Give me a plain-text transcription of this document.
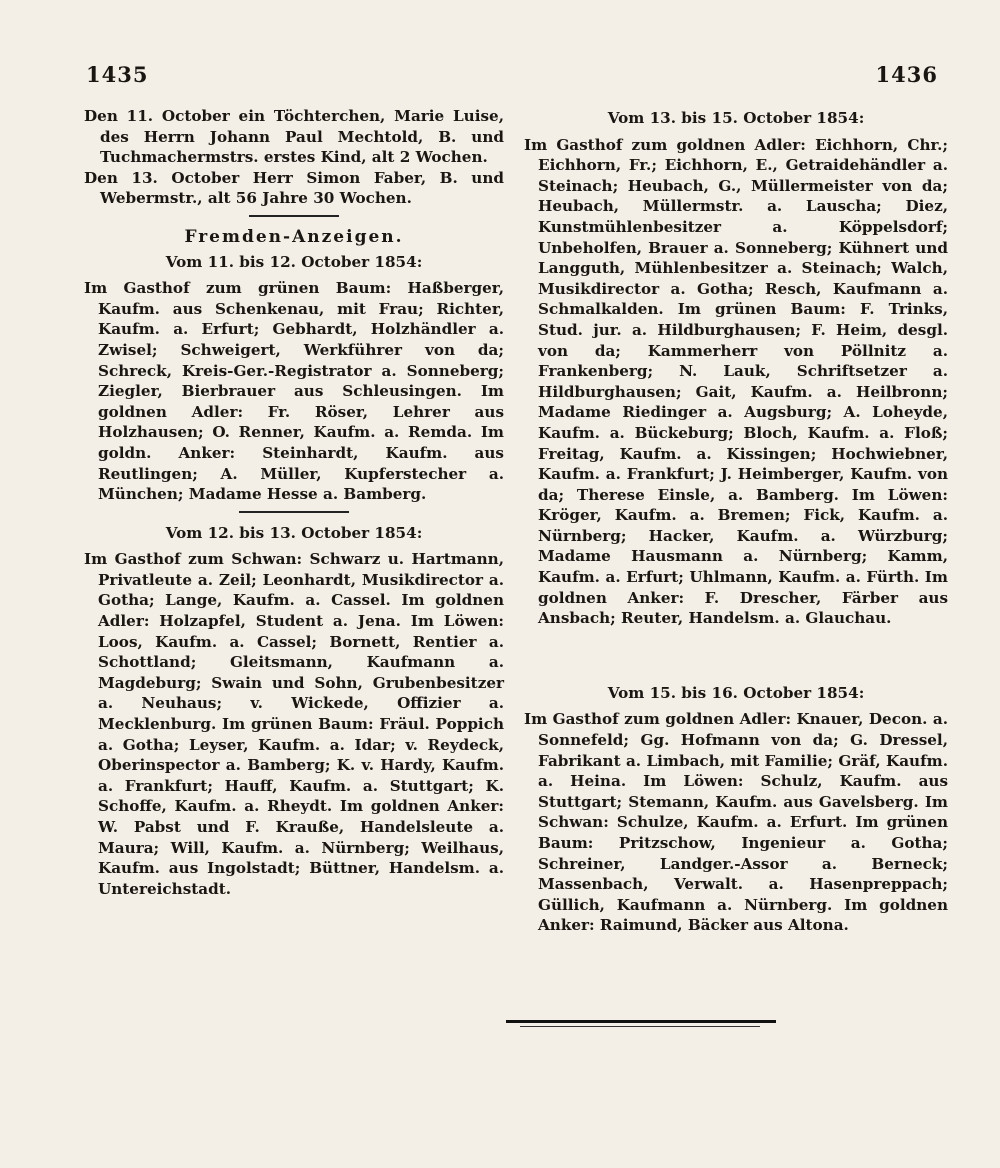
1435	1436

Den 11. October ein Töchterchen, Marie Luise, des Herrn Johann Paul Mechtold, B. und Tuchmachermstrs. erstes Kind, alt 2 Wochen.

Den 13. October Herr Simon Faber, B. und Webermstr., alt 56 Jahre 30 Wochen.

Fremden-Anzeigen.

Vom 11. bis 12. October 1854:

Im Gasthof zum grünen Baum: Haßberger, Kaufm. aus Schenkenau, mit Frau; Richter, Kaufm. a. Erfurt; Gebhardt, Holzhändler a. Zwisel; Schweigert, Werkführer von da; Schreck, Kreis-Ger.-Registrator a. Sonneberg; Ziegler, Bierbrauer aus Schleusingen. Im goldnen Adler: Fr. Röser, Lehrer aus Holzhausen; O. Renner, Kaufm. a. Remda. Im goldn. Anker: Steinhardt, Kaufm. aus Reutlingen; A. Müller, Kupferstecher a. München; Madame Hesse a. Bamberg.

Vom 12. bis 13. October 1854:

Im Gasthof zum Schwan: Schwarz u. Hartmann, Privatleute a. Zeil; Leonhardt, Musikdirector a. Gotha; Lange, Kaufm. a. Cassel. Im goldnen Adler: Holzapfel, Student a. Jena. Im Löwen: Loos, Kaufm. a. Cassel; Bornett, Rentier a. Schottland; Gleitsmann, Kaufmann a. Magdeburg; Swain und Sohn, Grubenbesitzer a. Neuhaus; v. Wickede, Offizier a. Mecklenburg. Im grünen Baum: Fräul. Poppich a. Gotha; Leyser, Kaufm. a. Idar; v. Reydeck, Oberinspector a. Bamberg; K. v. Hardy, Kaufm. a. Frankfurt; Hauff, Kaufm. a. Stuttgart; K. Schoffe, Kaufm. a. Rheydt. Im goldnen Anker: W. Pabst und F. Krauße, Handelsleute a. Maura; Will, Kaufm. a. Nürnberg; Weilhaus, Kaufm. aus Ingolstadt; Büttner, Handelsm. a. Untereichstadt.

Vom 13. bis 15. October 1854:

Im Gasthof zum goldnen Adler: Eichhorn, Chr.; Eichhorn, Fr.; Eichhorn, E., Getraidehändler a. Steinach; Heubach, G., Müllermeister von da; Heubach, Müllermstr. a. Lauscha; Diez, Kunstmühlenbesitzer a. Köppelsdorf; Unbeholfen, Brauer a. Sonneberg; Kühnert und Langguth, Mühlenbesitzer a. Steinach; Walch, Musikdirector a. Gotha; Resch, Kaufmann a. Schmalkalden. Im grünen Baum: F. Trinks, Stud. jur. a. Hildburghausen; F. Heim, desgl. von da; Kammerherr von Pöllnitz a. Frankenberg; N. Lauk, Schriftsetzer a. Hildburghausen; Gait, Kaufm. a. Heilbronn; Madame Riedinger a. Augsburg; A. Loheyde, Kaufm. a. Bückeburg; Bloch, Kaufm. a. Floß; Freitag, Kaufm. a. Kissingen; Hochwiebner, Kaufm. a. Frankfurt; J. Heimberger, Kaufm. von da; Therese Einsle, a. Bamberg. Im Löwen: Kröger, Kaufm. a. Bremen; Fick, Kaufm. a. Nürnberg; Hacker, Kaufm. a. Würzburg; Madame Hausmann a. Nürnberg; Kamm, Kaufm. a. Erfurt; Uhlmann, Kaufm. a. Fürth. Im goldnen Anker: F. Drescher, Färber aus Ansbach; Reuter, Handelsm. a. Glauchau.

Vom 15. bis 16. October 1854:

Im Gasthof zum goldnen Adler: Knauer, Decon. a. Sonnefeld; Gg. Hofmann von da; G. Dressel, Fabrikant a. Limbach, mit Familie; Gräf, Kaufm. a. Heina. Im Löwen: Schulz, Kaufm. aus Stuttgart; Stemann, Kaufm. aus Gavelsberg. Im Schwan: Schulze, Kaufm. a. Erfurt. Im grünen Baum: Pritzschow, Ingenieur a. Gotha; Schreiner, Landger.-Assor a. Berneck; Massenbach, Verwalt. a. Hasenpreppach; Güllich, Kaufmann a. Nürnberg. Im goldnen Anker: Raimund, Bäcker aus Altona.
